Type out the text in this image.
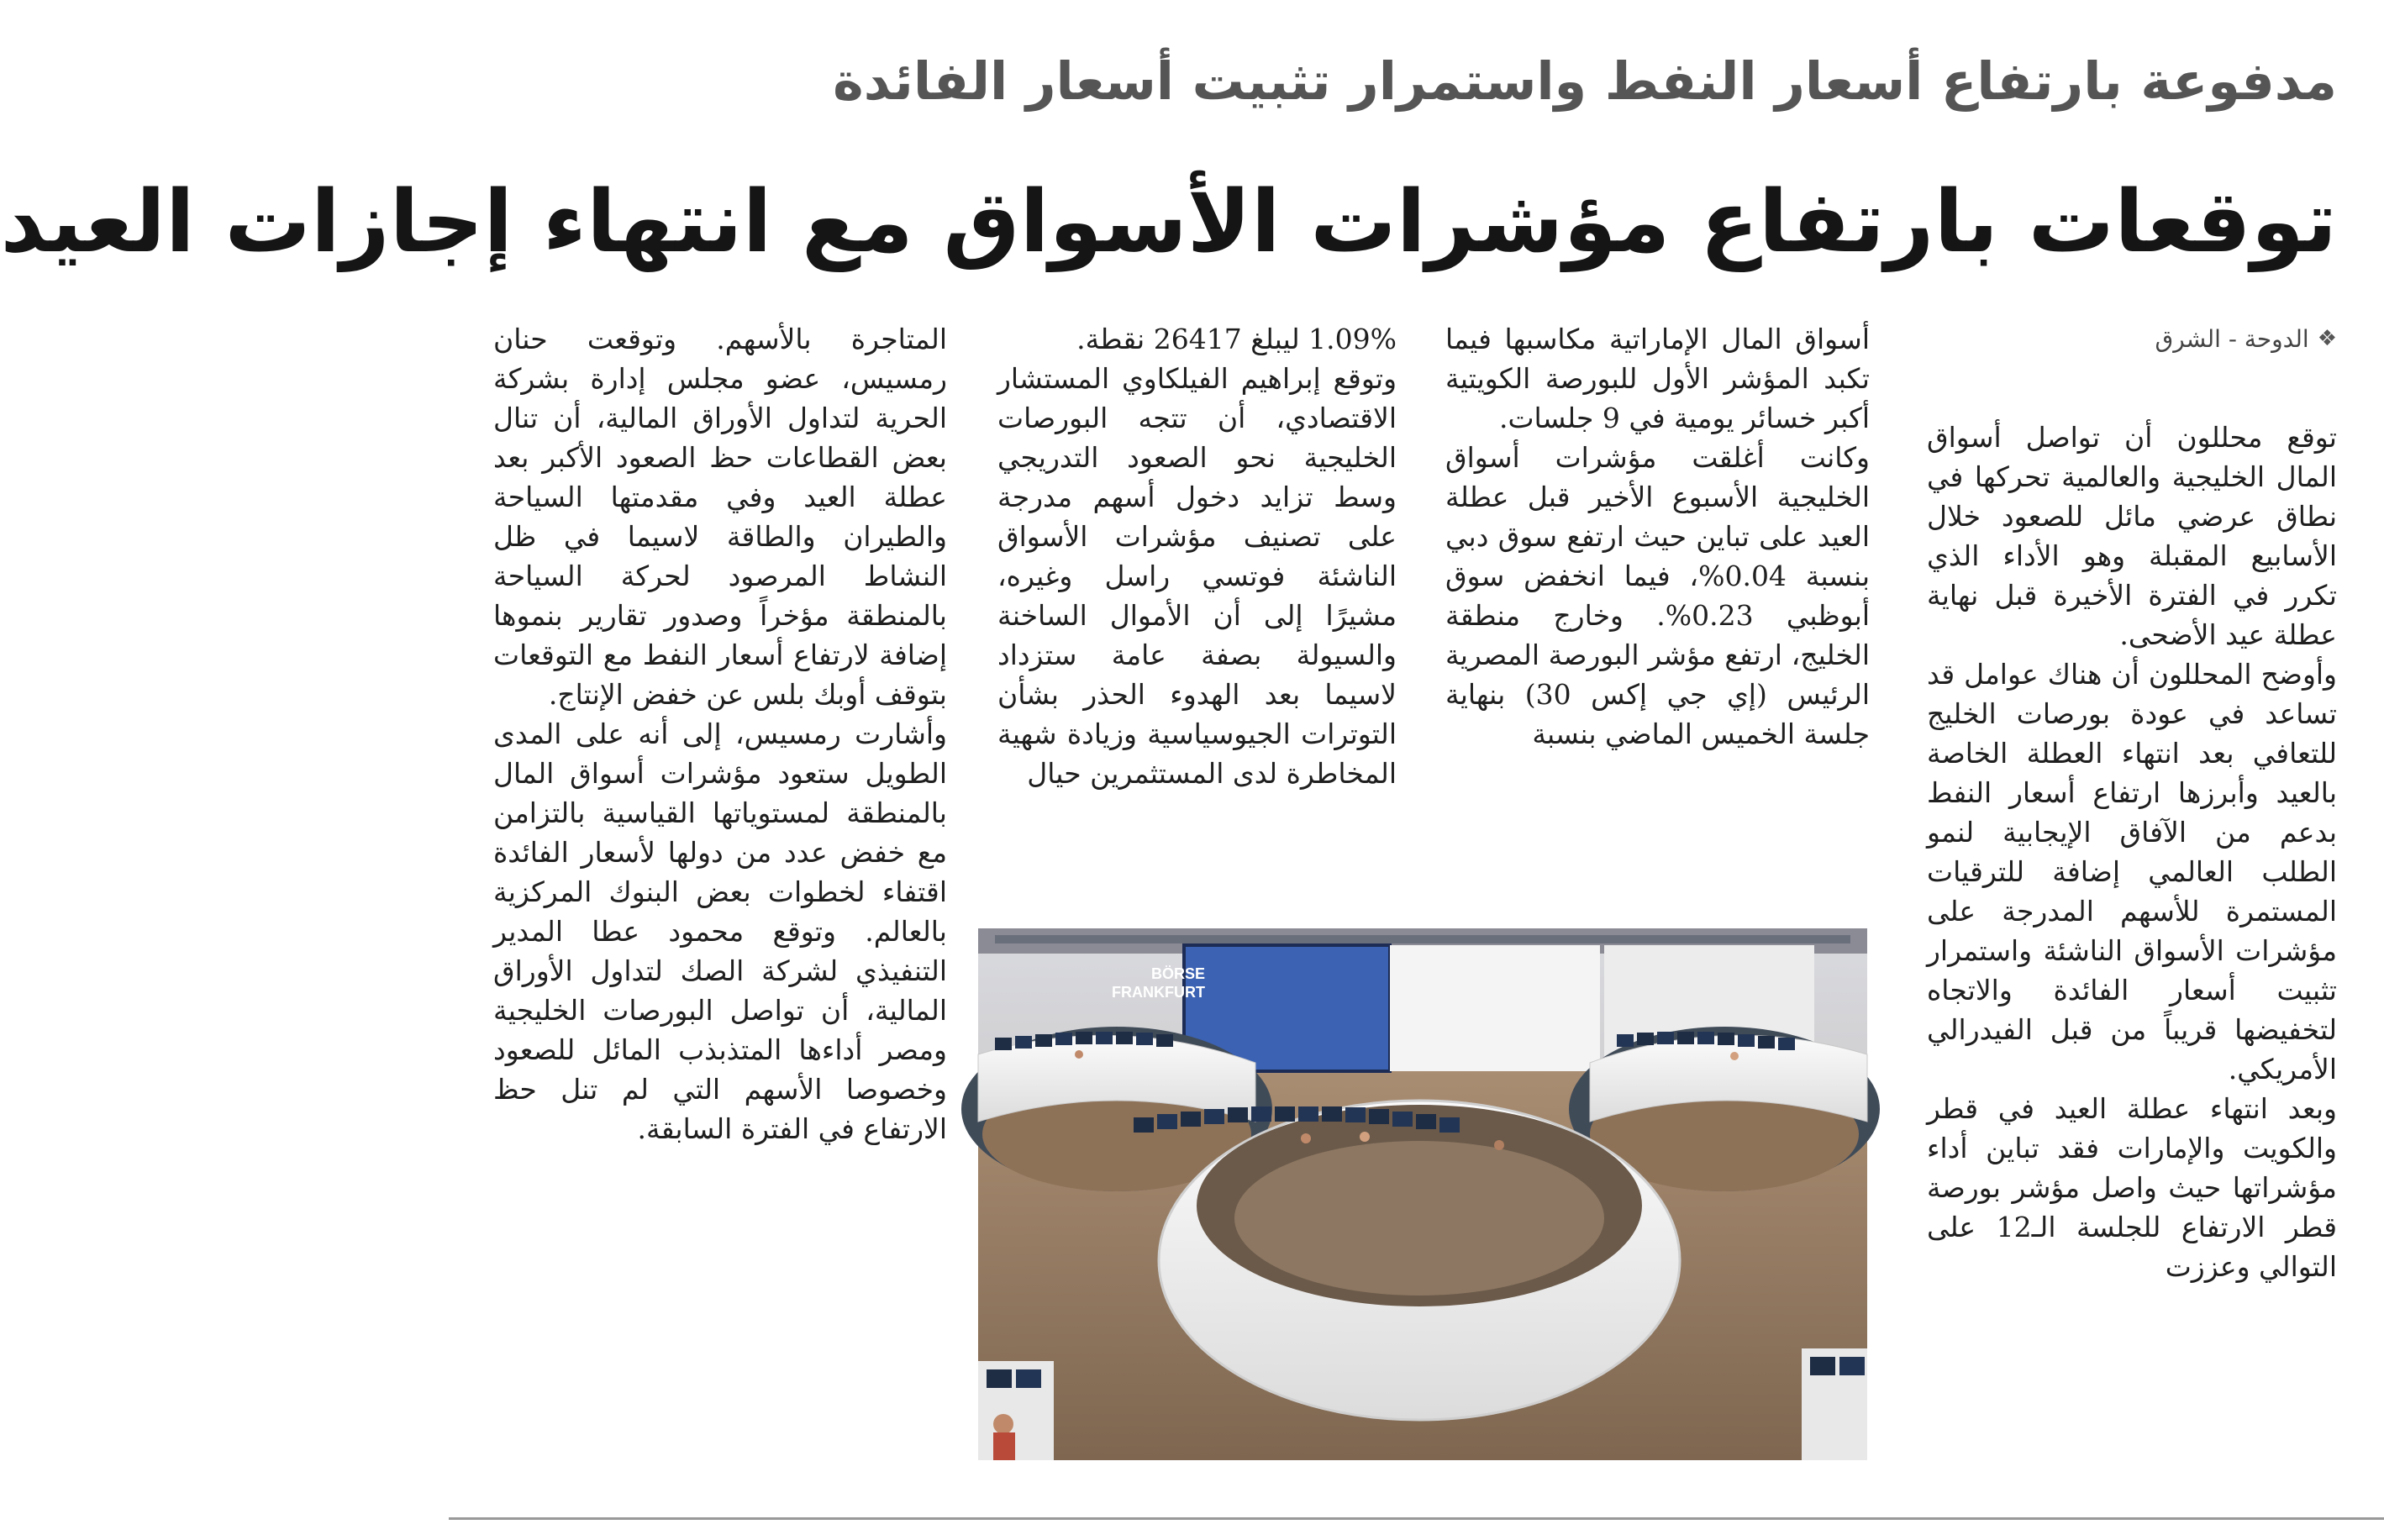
مدفوعة بارتفاع أسعار النفط واستمرار تثبيت أسعار الفائدة
توقعات بارتفاع مؤشرات الأسواق مع انتهاء إجازات العيد

❖
الدوحة - الشرق

توقع محللون أن تواصل أسواق المال الخليجية والعالمية تحركها في نطاق عرضي مائل للصعود خلال الأسابيع المقبلة وهو الأداء الذي تكرر في الفترة الأخيرة قبل نهاية عطلة عيد الأضحى.

وأوضح المحللون أن هناك عوامل قد تساعد في عودة بورصات الخليج للتعافي بعد انتهاء العطلة الخاصة بالعيد وأبرزها ارتفاع أسعار النفط بدعم من الآفاق الإيجابية لنمو الطلب العالمي إضافة للترقيات المستمرة للأسهم المدرجة على مؤشرات الأسواق الناشئة واستمرار تثبيت أسعار الفائدة والاتجاه لتخفيضها قريباً من قبل الفيدرالي الأمريكي.

وبعد انتهاء عطلة العيد في قطر والكويت والإمارات فقد تباين أداء مؤشراتها حيث واصل مؤشر بورصة قطر الارتفاع للجلسة الـ12 على التوالي وعززت

أسواق المال الإماراتية مكاسبها فيما تكبد المؤشر الأول للبورصة الكويتية أكبر خسائر يومية في 9 جلسات.

وكانت أغلقت مؤشرات أسواق الخليجية الأسبوع الأخير قبل عطلة العيد على تباين حيث ارتفع سوق دبي بنسبة 0.04%، فيما انخفض سوق أبوظبي 0.23%. وخارج منطقة الخليج، ارتفع مؤشر البورصة المصرية الرئيس (إي جي إكس 30) بنهاية جلسة الخميس الماضي بنسبة

1.09% ليبلغ 26417 نقطة.

وتوقع إبراهيم الفيلكاوي المستشار الاقتصادي، أن تتجه البورصات الخليجية نحو الصعود التدريجي وسط تزايد دخول أسهم مدرجة على تصنيف مؤشرات الأسواق الناشئة فوتسي راسل وغيره، مشيرًا إلى أن الأموال الساخنة والسيولة بصفة عامة ستزداد لاسيما بعد الهدوء الحذر بشأن التوترات الجيوسياسية وزيادة شهية المخاطرة لدى المستثمرين حيال

المتاجرة بالأسهم. وتوقعت حنان رمسيس، عضو مجلس إدارة بشركة الحرية لتداول الأوراق المالية، أن تنال بعض القطاعات حظ الصعود الأكبر بعد عطلة العيد وفي مقدمتها السياحة والطيران والطاقة لاسيما في ظل النشاط المرصود لحركة السياحة بالمنطقة مؤخراً وصدور تقارير بنموها إضافة لارتفاع أسعار النفط مع التوقعات بتوقف أوبك بلس عن خفض الإنتاج.

وأشارت رمسيس، إلى أنه على المدى الطويل ستعود مؤشرات أسواق المال بالمنطقة لمستوياتها القياسية بالتزامن مع خفض عدد من دولها لأسعار الفائدة اقتفاء لخطوات بعض البنوك المركزية بالعالم. وتوقع محمود عطا المدير التنفيذي لشركة الصك لتداول الأوراق المالية، أن تواصل البورصات الخليجية ومصر أداءها المتذبذب المائل للصعود وخصوصا الأسهم التي لم تنل حظ الارتفاع في الفترة السابقة.

BÖRSE
FRANKFURT
